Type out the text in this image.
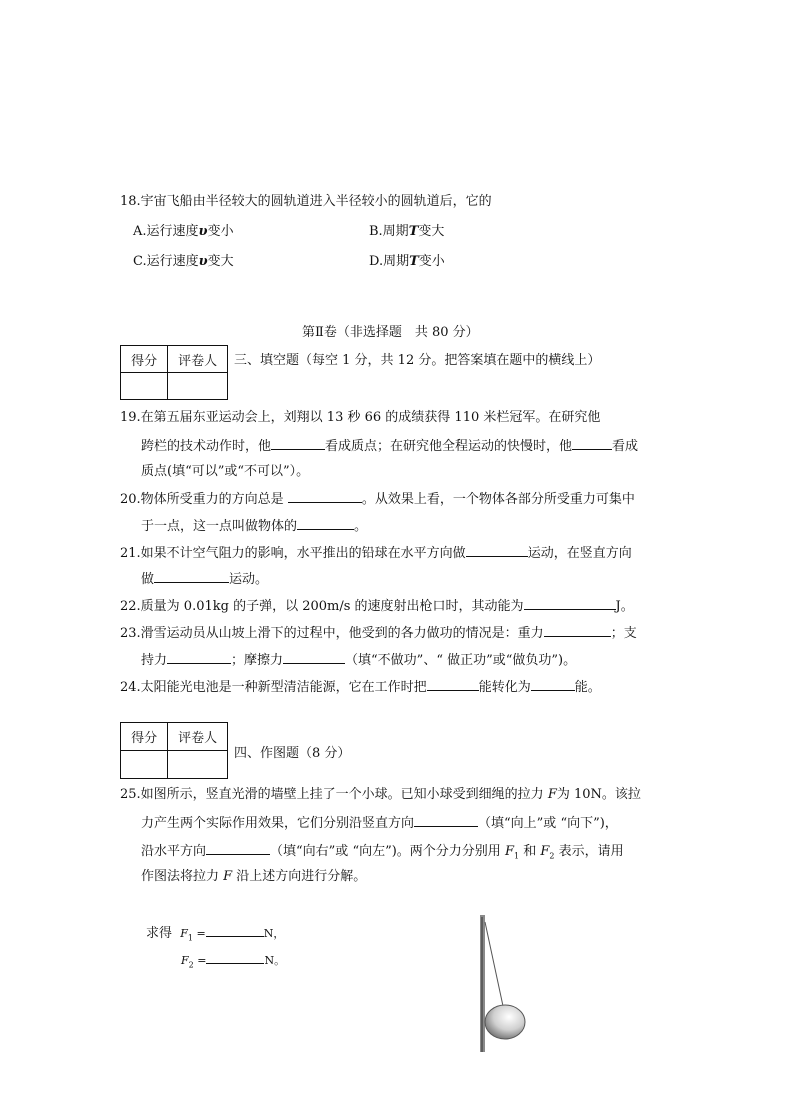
18.宇宙飞船由半径较大的圆轨道进入半径较小的圆轨道后，它的
A.运行速度υ变小	B.周期T变大
C.运行速度υ变大	D.周期T变小
第Ⅱ卷（非选择题　共 80 分）
得分	评卷人
	三、填空题（每空 1 分，共 12 分。把答案填在题中的横线上）
19.在第五届东亚运动会上，刘翔以 13 秒 66 的成绩获得 110 米栏冠军。在研究他
跨栏的技术动作时，他	看成质点；在研究他全程运动的快慢时，他	看成
质点(填“可以”或“不可以”）。
20.物体所受重力的方向总是	。从效果上看，一个物体各部分所受重力可集中
于一点，这一点叫做物体的	。
21.如果不计空气阻力的影响，水平推出的铅球在水平方向做	运动，在竖直方向
做	运动。
22.质量为 0.01kg 的子弹，以 200m/s 的速度射出枪口时，其动能为	J。
23.滑雪运动员从山坡上滑下的过程中，他受到的各力做功的情况是：重力	；支
持力	；摩擦力	（填“不做功”、“ 做正功”或“做负功”)。
24.太阳能光电池是一种新型清洁能源，它在工作时把	能转化为	能。
得分	评卷人

四、作图题（8 分）
25.如图所示，竖直光滑的墙壁上挂了一个小球。已知小球受到细绳的拉力 F为 10N。该拉
力产生两个实际作用效果，它们分别沿竖直方向	（填“向上”或 “向下”)，
沿水平方向	（填“向右”或 “向左”)。两个分力分别用 $F_1$ 和 $F_2$ 表示，请用
作图法将拉力 F 沿上述方向进行分解。
求得 $F_1$ =	N，
$F_2$ =	N。
